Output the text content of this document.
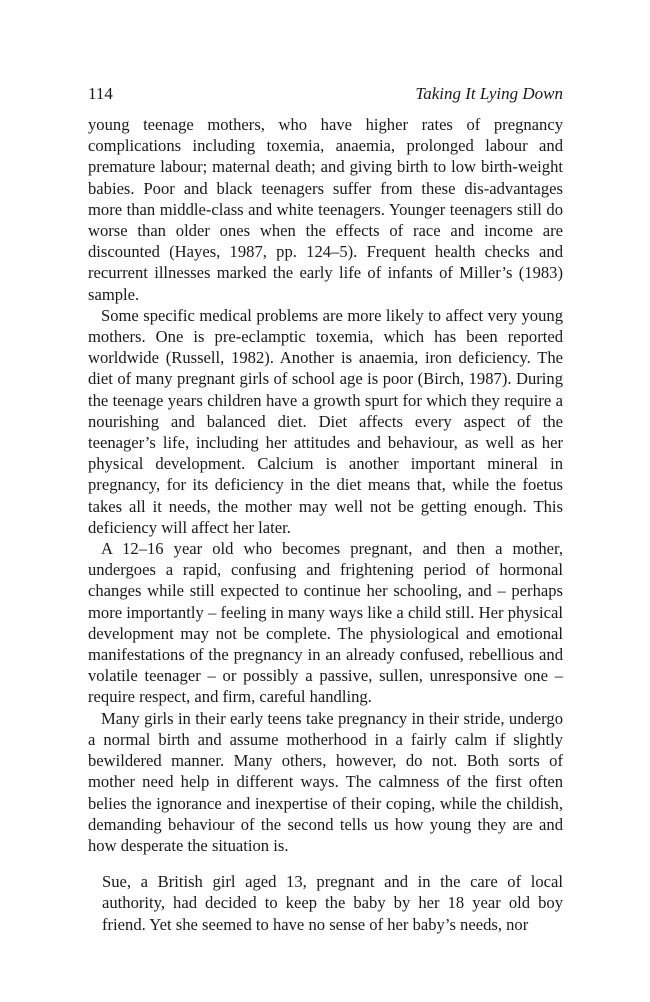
114	Taking It Lying Down

young teenage mothers, who have higher rates of pregnancy complications including toxemia, anaemia, prolonged labour and premature labour; maternal death; and giving birth to low birth-weight babies. Poor and black teenagers suffer from these dis-advantages more than middle-class and white teenagers. Younger teenagers still do worse than older ones when the effects of race and income are discounted (Hayes, 1987, pp. 124–5). Frequent health checks and recurrent illnesses marked the early life of infants of Miller’s (1983) sample.

Some specific medical problems are more likely to affect very young mothers. One is pre-eclamptic toxemia, which has been reported worldwide (Russell, 1982). Another is anaemia, iron deficiency. The diet of many pregnant girls of school age is poor (Birch, 1987). During the teenage years children have a growth spurt for which they require a nourishing and balanced diet. Diet affects every aspect of the teenager’s life, including her attitudes and behaviour, as well as her physical development. Calcium is another important mineral in pregnancy, for its deficiency in the diet means that, while the foetus takes all it needs, the mother may well not be getting enough. This deficiency will affect her later.

A 12–16 year old who becomes pregnant, and then a mother, undergoes a rapid, confusing and frightening period of hormonal changes while still expected to continue her schooling, and – perhaps more importantly – feeling in many ways like a child still. Her physical development may not be complete. The physiological and emotional manifestations of the pregnancy in an already confused, rebellious and volatile teenager – or possibly a passive, sullen, unresponsive one – require respect, and firm, careful handling.

Many girls in their early teens take pregnancy in their stride, undergo a normal birth and assume motherhood in a fairly calm if slightly bewildered manner. Many others, however, do not. Both sorts of mother need help in different ways. The calmness of the first often belies the ignorance and inexpertise of their coping, while the childish, demanding behaviour of the second tells us how young they are and how desperate the situation is.

Sue, a British girl aged 13, pregnant and in the care of local authority, had decided to keep the baby by her 18 year old boy friend. Yet she seemed to have no sense of her baby’s needs, nor
